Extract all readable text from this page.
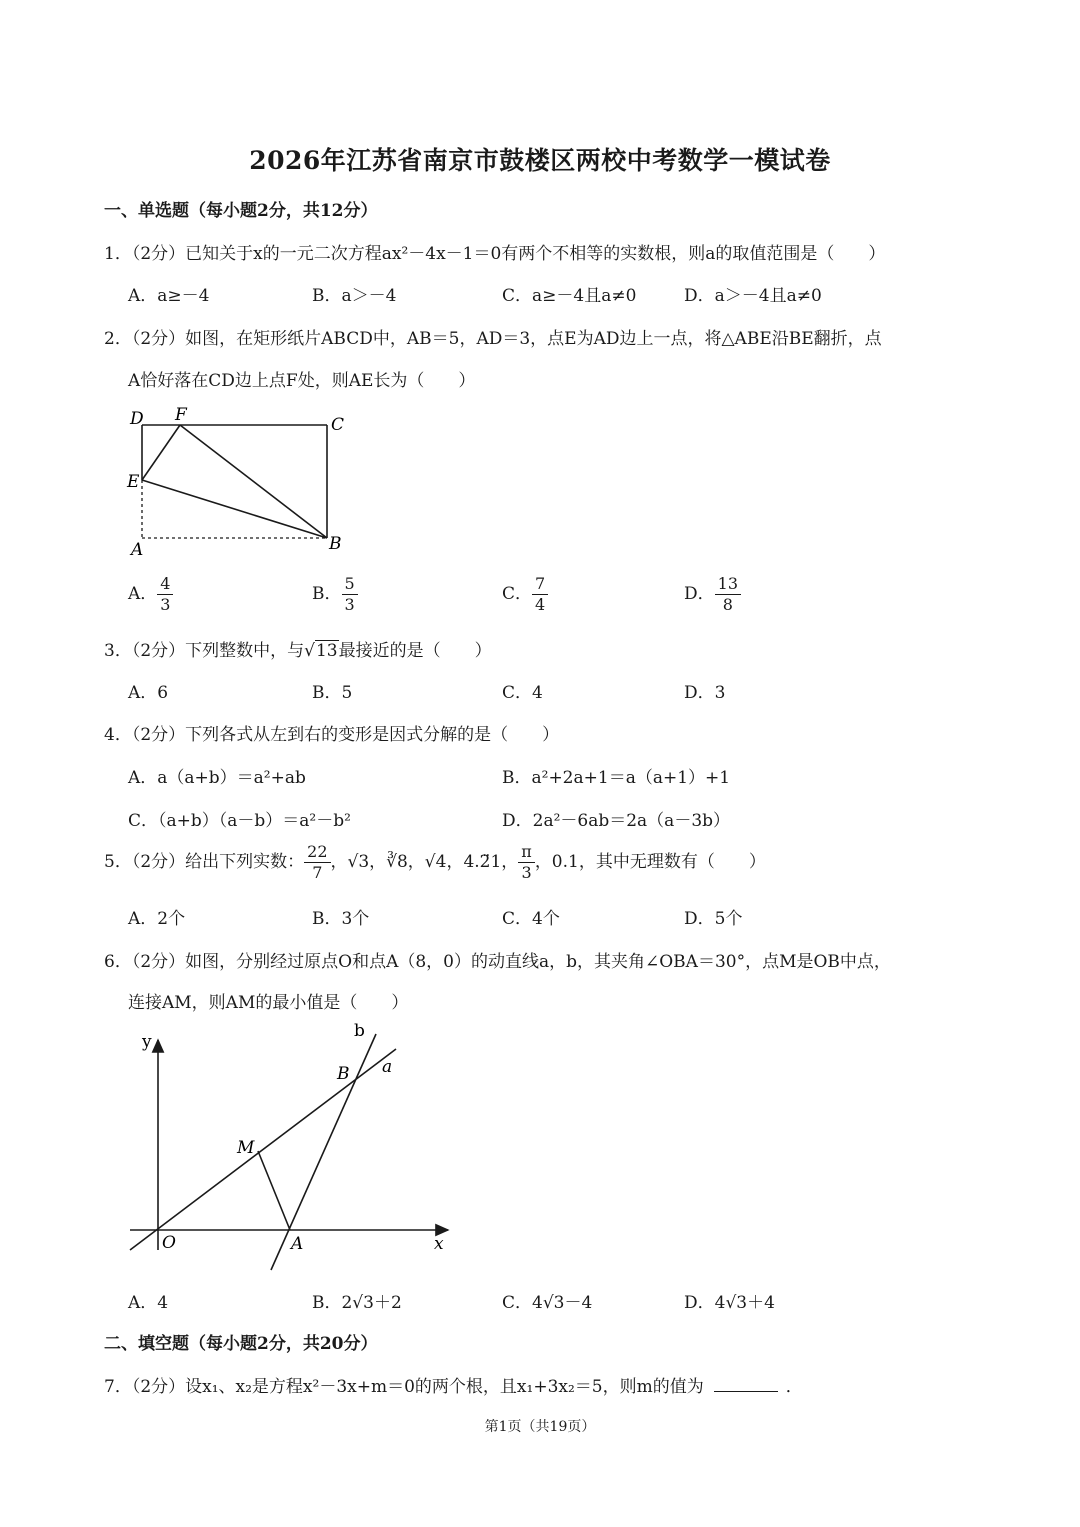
2026年江苏省南京市鼓楼区两校中考数学一模试卷
一、单选题（每小题2分，共12分）
1．（2分）已知关于x的一元二次方程ax²－4x－1＝0有两个不相等的实数根，则a的取值范围是（　　）
A．a≥－4	B．a＞－4	C．a≥－4且a≠0	D．a＞－4且a≠0
2．（2分）如图，在矩形纸片ABCD中，AB＝5，AD＝3，点E为AD边上一点，将△ABE沿BE翻折，点
A恰好落在CD边上点F处，则AE长为（　　）
D F	C
E
A	B
A． $\frac{4}{3}$	B． $\frac{5}{3}$	C． $\frac{7}{4}$	D． $\frac{13}{8}$
3．（2分）下列整数中，与√13最接近的是（　　）
A．6	B．5	C．4	D．3
4．（2分）下列各式从左到右的变形是因式分解的是（　　）
A．a（a+b）＝a²+ab	B．a²+2a+1＝a（a+1）+1
C．（a+b）（a－b）＝a²－b²	D．2a²－6ab＝2a（a－3b）
5．（2分）给出下列实数： $\frac{22}{7}$ ，√3，∛8，√4，4.2̈1， $\frac{\pi}{3}$ ，0.1，其中无理数有（　　）
A．2个	B．3个	C．4个	D．5个
6．（2分）如图，分别经过原点O和点A（8，0）的动直线a，b，其夹角∠OBA＝30°，点M是OB中点，
连接AM，则AM的最小值是（　　）
y
b
a
B
M
O	A	x
A．4	B．2√3＋2	C．4√3－4	D．4√3＋4
二、填空题（每小题2分，共20分）
7．（2分）设x₁、x₂是方程x²－3x+m＝0的两个根，且x₁+3x₂＝5，则m的值为	．
第1页（共19页）
